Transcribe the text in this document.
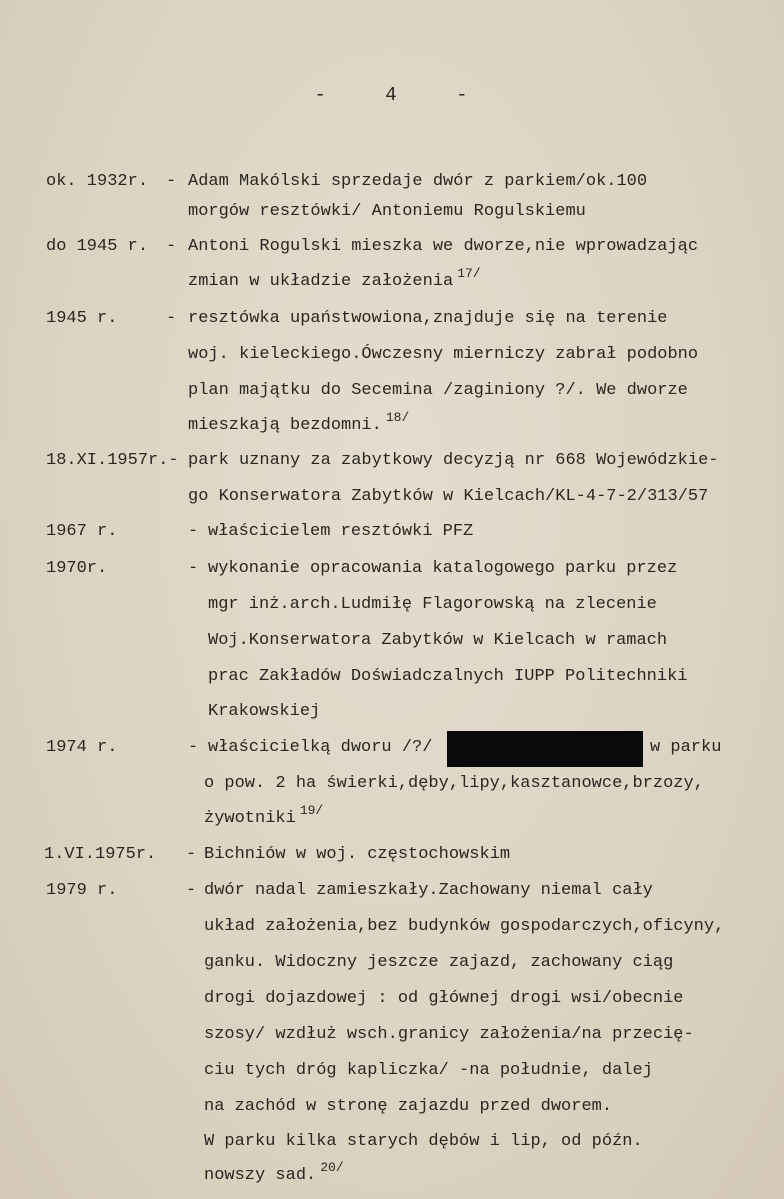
-	4	-
ok. 1932r. - Adam Makólski sprzedaje dwór z parkiem/ok.100
morgów resztówki/ Antoniemu Rogulskiemu
do 1945 r. - Antoni Rogulski mieszka we dworze,nie wprowadzając
zmian w układzie założenia $^{17/}$
1945 r.	- resztówka upaństwowiona,znajduje się na terenie
woj. kieleckiego.Ówczesny mierniczy zabrał podobno
plan majątku do Secemina /zaginiony ?/. We dworze
mieszkają bezdomni. $^{18/}$
18.XI.1957r.- park uznany za zabytkowy decyzją nr 668 Wojewódzkie-
go Konserwatora Zabytków w Kielcach/KL-4-7-2/313/57
1967 r.	- właścicielem resztówki PFZ
1970r.	- wykonanie opracowania katalogowego parku przez
mgr inż.arch.Ludmiłę Flagorowską na zlecenie
Woj.Konserwatora Zabytków w Kielcach w ramach
prac Zakładów Doświadczalnych IUPP Politechniki
Krakowskiej
1974 r.	- właścicielką dworu /?/	w parku
o pow. 2 ha świerki,dęby,lipy,kasztanowce,brzozy,
żywotniki $^{19/}$
1.VI.1975r. - Bichniów w woj. częstochowskim
1979 r.	- dwór nadal zamieszkały.Zachowany niemal cały
układ założenia,bez budynków gospodarczych,oficyny,
ganku. Widoczny jeszcze zajazd, zachowany ciąg
drogi dojazdowej : od głównej drogi wsi/obecnie
szosy/ wzdłuż wsch.granicy założenia/na przecię-
ciu tych dróg kapliczka/ -na południe, dalej
na zachód w stronę zajazdu przed dworem.
W parku kilka starych dębów i lip, od późn.
nowszy sad. $^{20/}$
